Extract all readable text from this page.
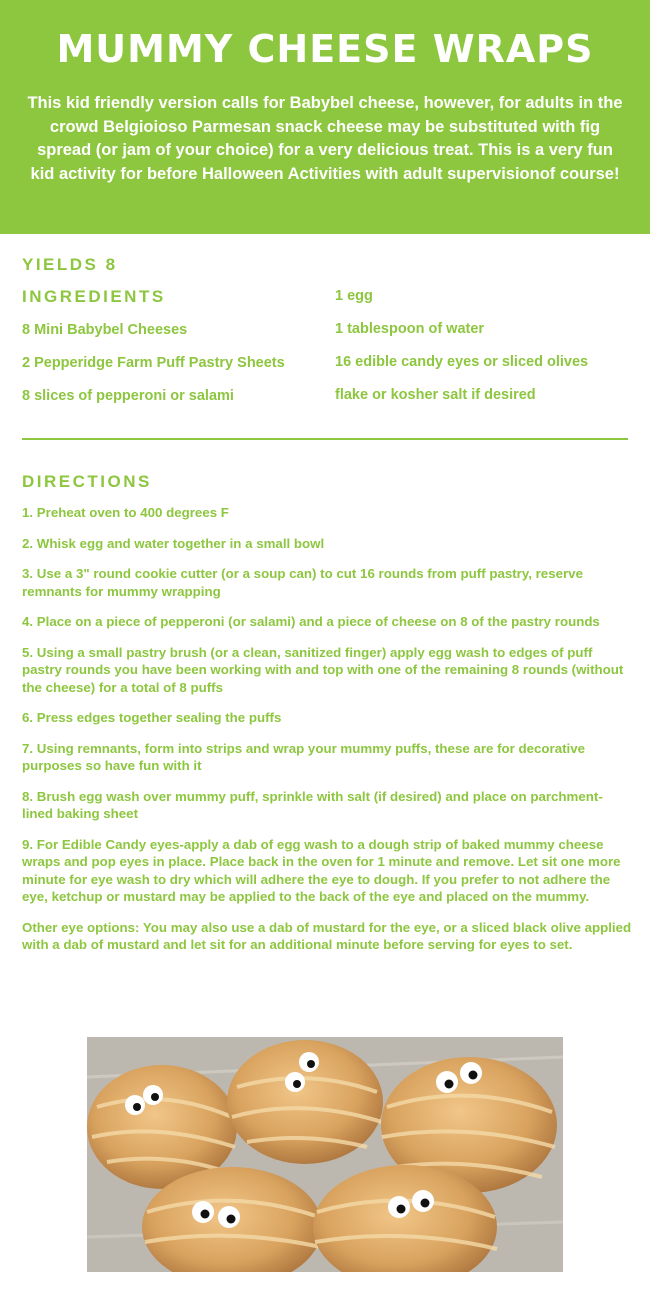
MUMMY CHEESE WRAPS

This kid friendly version calls for Babybel cheese, however, for adults in the crowd Belgioioso Parmesan snack cheese may be substituted with fig spread (or jam of your choice) for a very delicious treat. This is a very fun kid activity for before Halloween Activities with adult supervisionof course!

YIELDS 8
INGREDIENTS
8 Mini Babybel Cheeses
2 Pepperidge Farm Puff Pastry Sheets
8 slices of pepperoni or salami
1 egg
1 tablespoon of water
16 edible candy eyes or sliced olives
flake or kosher salt if desired
DIRECTIONS
1. Preheat oven to 400 degrees F
2. Whisk egg and water together in a small bowl
3. Use a 3" round cookie cutter (or a soup can) to cut 16 rounds from puff pastry, reserve remnants for mummy wrapping
4. Place on a piece of pepperoni (or salami) and a piece of cheese on 8 of the pastry rounds
5. Using a small pastry brush (or a clean, sanitized finger) apply egg wash to edges of puff pastry rounds you have been working with and top with one of the remaining 8 rounds (without the cheese) for a total of 8 puffs
6. Press edges together sealing the puffs
7. Using remnants, form into strips and wrap your mummy puffs, these are for decorative purposes so have fun with it
8. Brush egg wash over mummy puff, sprinkle with salt (if desired) and place on parchment-lined baking sheet
9. For Edible Candy eyes-apply a dab of egg wash to a dough strip of baked mummy cheese wraps and pop eyes in place. Place back in the oven for 1 minute and remove. Let sit one more minute for eye wash to dry which will adhere the eye to dough. If you prefer to not adhere the eye, ketchup or mustard may be applied to the back of the eye and placed on the mummy.
Other eye options: You may also use a dab of mustard for the eye, or a sliced black olive applied with a dab of mustard and let sit for an additional minute before serving for eyes to set.
